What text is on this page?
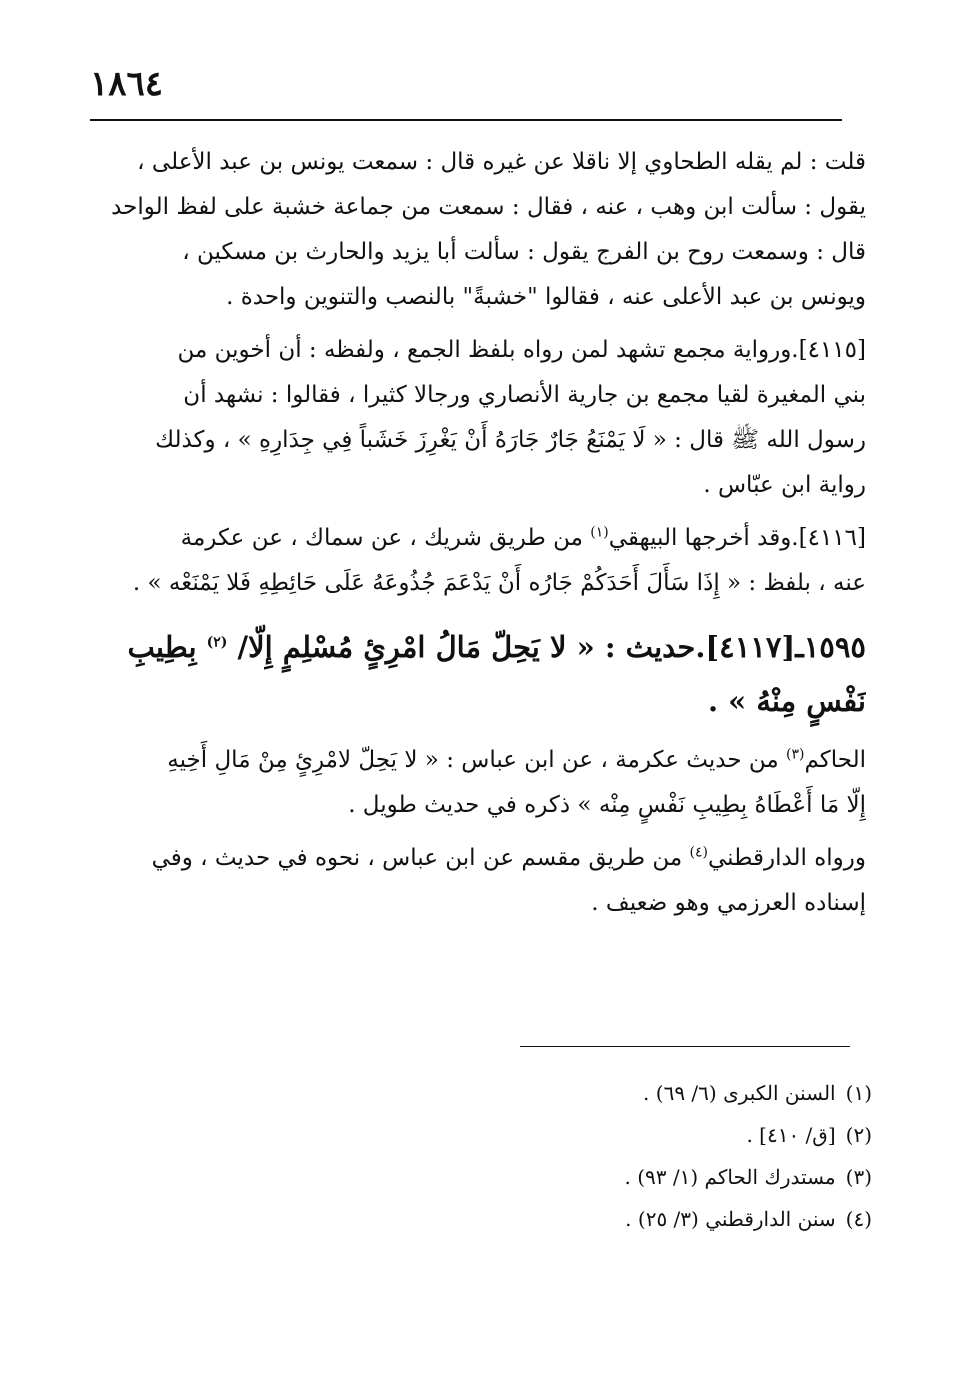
١٨٦٤
قلت : لم يقله الطحاوي إلا ناقلا عن غيره قال : سمعت يونس بن عبد الأعلى ،
يقول : سألت ابن وهب ، عنه ، فقال : سمعت من جماعة خشبة على لفظ الواحد
قال : وسمعت روح بن الفرج يقول : سألت أبا يزيد والحارث بن مسكين ،
ويونس بن عبد الأعلى عنه ، فقالوا "خشبةً" بالنصب والتنوين واحدة .
[٤١١٥].ورواية مجمع تشهد لمن رواه بلفظ الجمع ، ولفظه : أن أخوين من
بني المغيرة لقيا مجمع بن جارية الأنصاري ورجالا كثيرا ، فقالوا : نشهد أن
رسول الله ﷺ قال : « لَا يَمْنَعُ جَارٌ جَارَهُ أَنْ يَغْرِزَ خَشَباً فِي جِدَارِهِ » ، وكذلك
رواية ابن عبّاس .
[٤١١٦].وقد أخرجها البيهقي$^{(١)}$ من طريق شريك ، عن سماك ، عن عكرمة
عنه ، بلفظ : « إِذَا سَأَلَ أَحَدَكُمْ جَارُه أَنْ يَدْعَمَ جُذُوعَهُ عَلَى حَائِطِهِ فَلا يَمْنَعْه » .
١٥٩٥ـ[٤١١٧].حديث : « لا يَحِلّ مَالُ امْرِئٍ مُسْلِمٍ إِلّا/ $^{(٢)}$ بِطِيبِ
نَفْسٍ مِنْهُ » .
الحاكم$^{(٣)}$ من حديث عكرمة ، عن ابن عباس : « لا يَحِلّ لامْرِئٍ مِنْ مَالِ أَخِيهِ
إِلّا مَا أَعْطَاهُ بِطِيبِ نَفْسٍ مِنْه » ذكره في حديث طويل .
ورواه الدارقطني$^{(٤)}$ من طريق مقسم عن ابن عباس ، نحوه في حديث ، وفي
إسناده العرزمي وهو ضعيف .
(١)السنن الكبرى (٦/ ٦٩) .
(٢)[ق/ ٤١٠] .
(٣)مستدرك الحاكم (١/ ٩٣) .
(٤)سنن الدارقطني (٣/ ٢٥) .
